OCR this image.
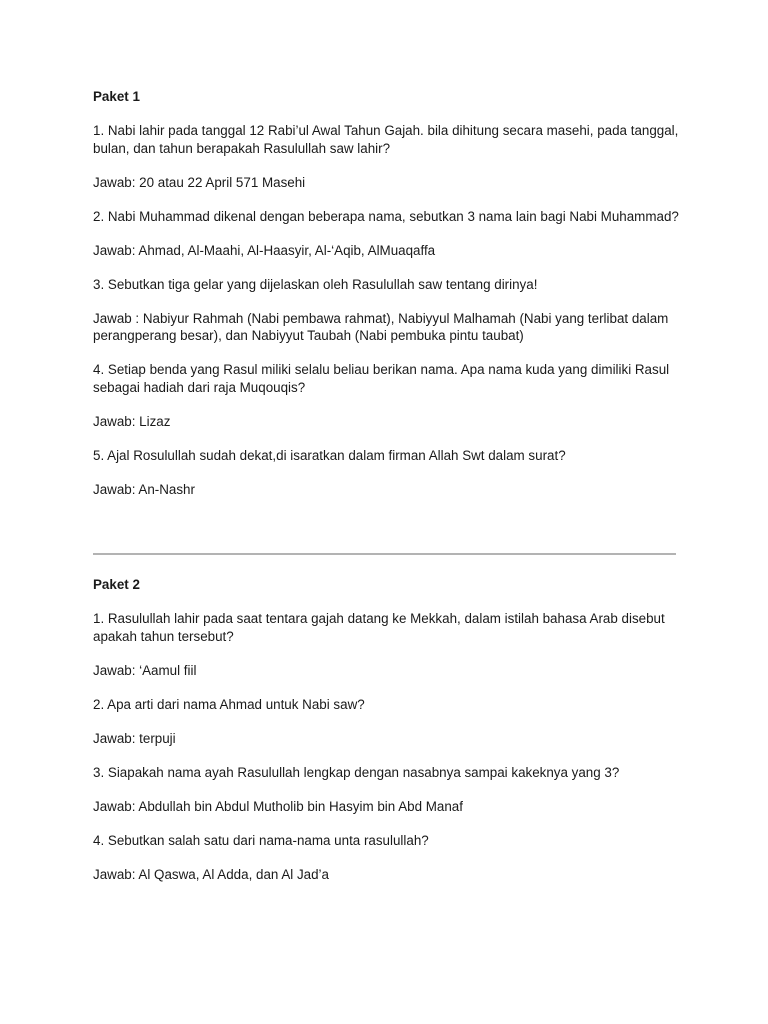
Paket 1

1. Nabi lahir pada tanggal 12 Rabi’ul Awal Tahun Gajah. bila dihitung secara masehi, pada tanggal, bulan, dan tahun berapakah Rasulullah saw lahir?

Jawab: 20 atau 22 April 571 Masehi

2. Nabi Muhammad dikenal dengan beberapa nama, sebutkan 3 nama lain bagi Nabi Muhammad?

Jawab: Ahmad, Al-Maahi, Al-Haasyir, Al-‘Aqib, AlMuaqaffa

3. Sebutkan tiga gelar yang dijelaskan oleh Rasulullah saw tentang dirinya!

Jawab : Nabiyur Rahmah (Nabi pembawa rahmat), Nabiyyul Malhamah (Nabi yang terlibat dalam perangperang besar), dan Nabiyyut Taubah (Nabi pembuka pintu taubat)

4. Setiap benda yang Rasul miliki selalu beliau berikan nama. Apa nama kuda yang dimiliki Rasul sebagai hadiah dari raja Muqouqis?

Jawab: Lizaz

5. Ajal Rosulullah sudah dekat,di isaratkan dalam firman Allah Swt dalam surat?

Jawab: An-Nashr

Paket 2

1. Rasulullah lahir pada saat tentara gajah datang ke Mekkah, dalam istilah bahasa Arab disebut apakah tahun tersebut?

Jawab: ‘Aamul fiil

2. Apa arti dari nama Ahmad untuk Nabi saw?

Jawab: terpuji

3. Siapakah nama ayah Rasulullah lengkap dengan nasabnya sampai kakeknya yang 3?

Jawab: Abdullah bin Abdul Mutholib bin Hasyim bin Abd Manaf

4. Sebutkan salah satu dari nama-nama unta rasulullah?

Jawab: Al Qaswa, Al Adda, dan Al Jad’a
